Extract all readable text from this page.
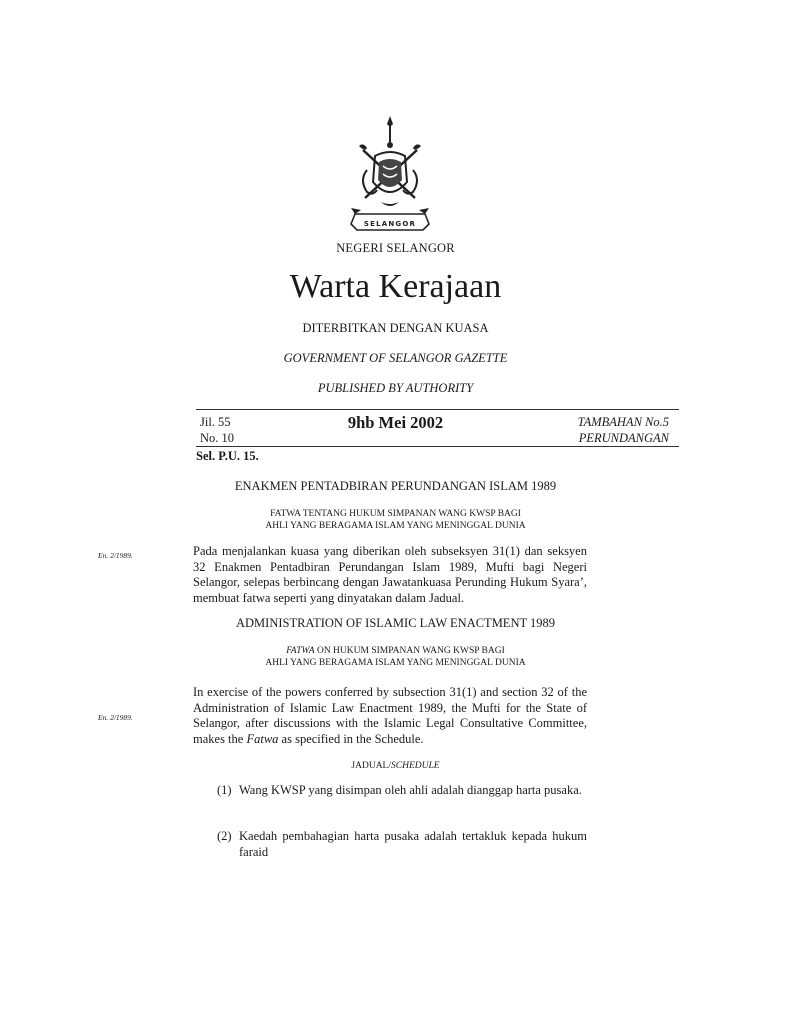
SELANGOR
NEGERI SELANGOR
Warta Kerajaan
DITERBITKAN DENGAN KUASA
GOVERNMENT OF SELANGOR GAZETTE
PUBLISHED BY AUTHORITY
Jil. 55
No. 10
9hb Mei 2002	TAMBAHAN No.5
PERUNDANGAN
Sel. P.U. 15.
ENAKMEN PENTADBIRAN PERUNDANGAN ISLAM 1989
FATWA TENTANG HUKUM SIMPANAN WANG KWSP BAGI
AHLI YANG BERAGAMA ISLAM YANG MENINGGAL DUNIA
En. 2/1989.	Pada menjalankan kuasa yang diberikan oleh subseksyen 31(1) dan seksyen 32 Enakmen Pentadbiran Perundangan Islam 1989, Mufti bagi Negeri Selangor, selepas berbincang dengan Jawatankuasa Perunding Hukum Syara’, membuat fatwa seperti yang dinyatakan dalam Jadual.
ADMINISTRATION OF ISLAMIC LAW ENACTMENT 1989
FATWA ON HUKUM SIMPANAN WANG KWSP BAGI
AHLI YANG BERAGAMA ISLAM YANG MENINGGAL DUNIA
En. 2/1989.
In exercise of the powers conferred by subsection 31(1) and section 32 of the Administration of Islamic Law Enactment 1989, the Mufti for the State of Selangor, after discussions with the Islamic Legal Consultative Committee, makes the Fatwa as specified in the Schedule.
JADUAL/SCHEDULE
(1) Wang KWSP yang disimpan oleh ahli adalah dianggap harta pusaka.
(2) Kaedah pembahagian harta pusaka adalah tertakluk kepada hukum faraid
